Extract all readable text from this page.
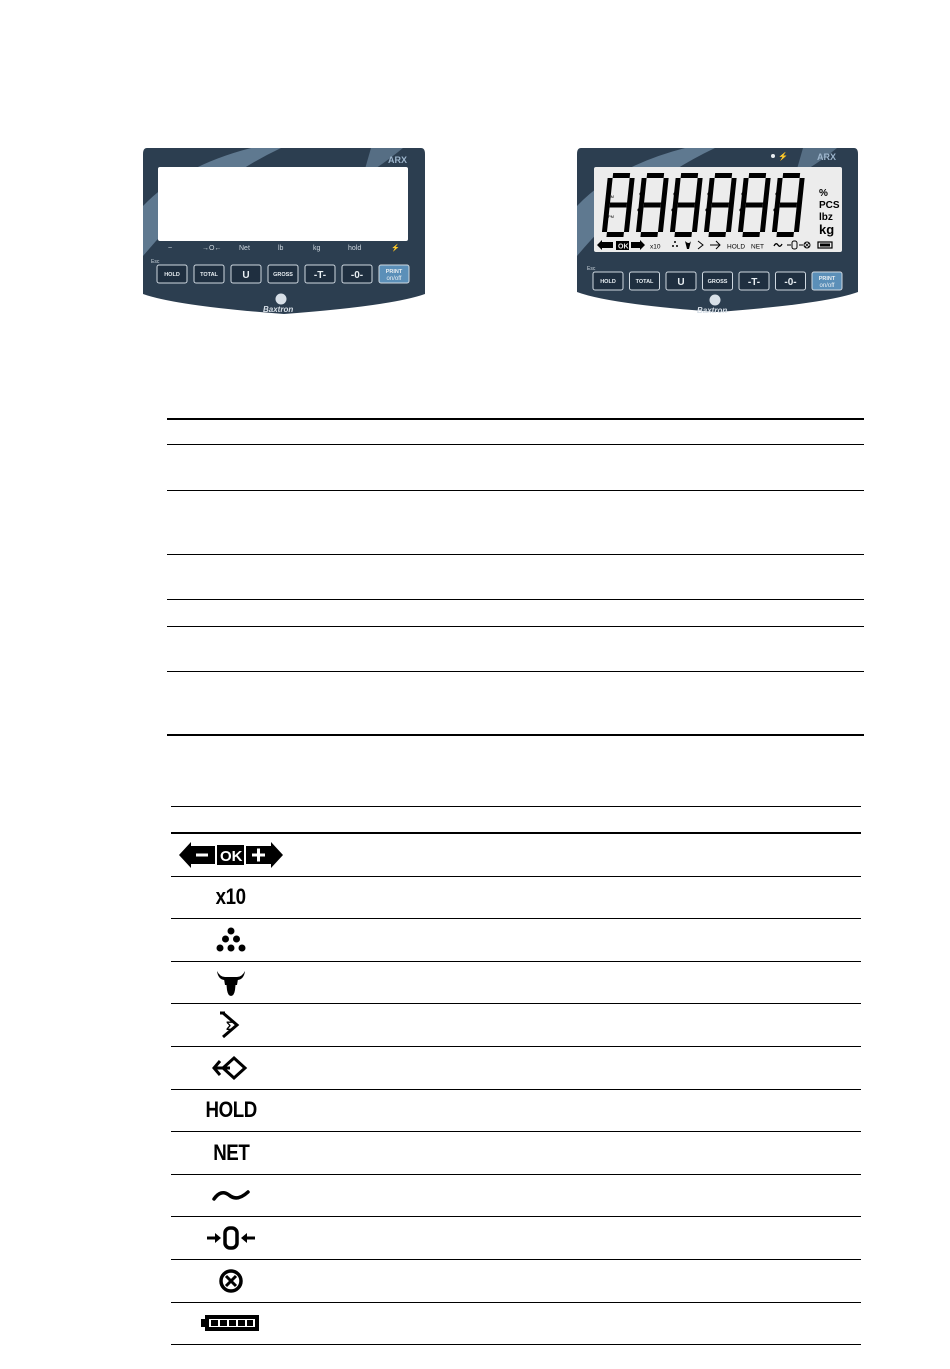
ARX
~	→O←	Net	lb	kg	hold	⚡
Esc
HOLD	TOTAL U	GROSS -T- -0-	PRINT
on/off
Baxtron
⚡	ARX
%
PCS
lbz
kg
AM
PM
OK	x10	HOLD NET
Esc
HOLD	TOTAL U	GROSS -T- -0-	PRINT
on/off
Baxtron
OK
x10
Σ
HOLD
NET
